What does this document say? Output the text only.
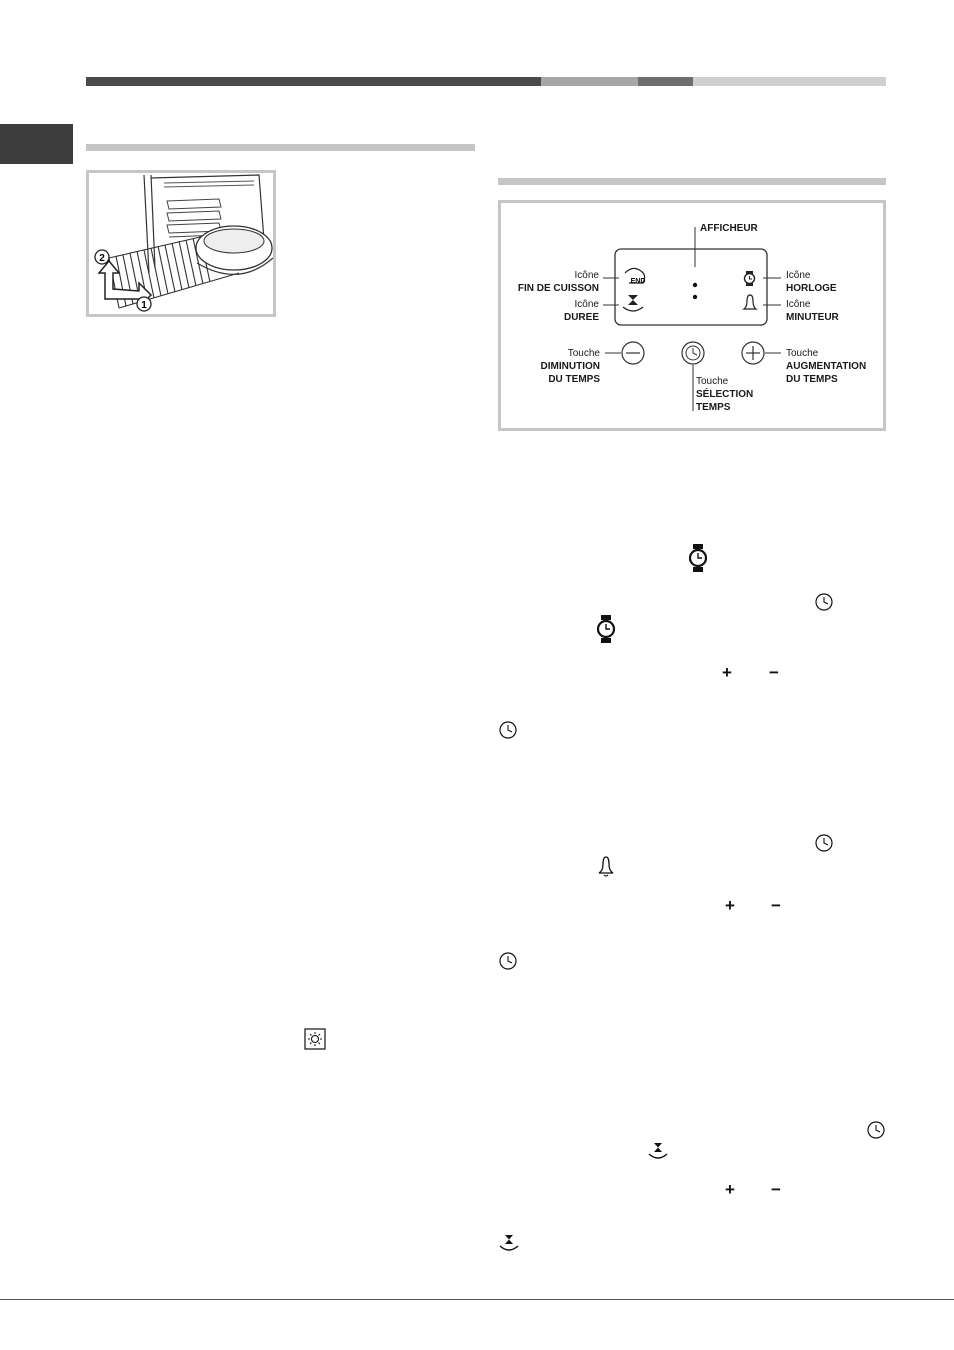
2
1
END
AFFICHEUR
Icône
FIN DE CUISSON
Icône
DUREE
Icône
HORLOGE
Icône
MINUTEUR
Touche
DIMINUTION
DU TEMPS	Touche
SÉLECTION
TEMPS
Touche
AUGMENTATION
DU TEMPS
+ −
+ −
+ −
